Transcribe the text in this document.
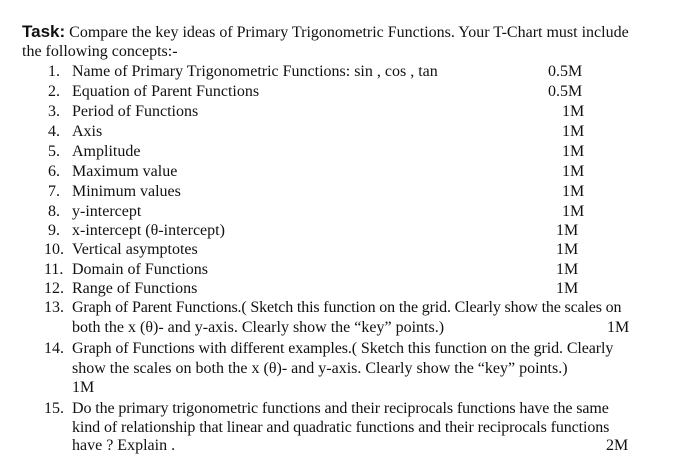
Task: Compare the key ideas of Primary Trigonometric Functions. Your T-Chart must include
the following concepts:-
1. Name of Primary Trigonometric Functions: sin , cos , tan	0.5M
2. Equation of Parent Functions	0.5M
3. Period of Functions	1M
4. Axis	1M
5. Amplitude	1M
6. Maximum value	1M
7. Minimum values	1M
8. y-intercept	1M
9. x-intercept (θ-intercept)	1M
10. Vertical asymptotes	1M
11. Domain of Functions	1M
12. Range of Functions	1M
13. Graph of Parent Functions.( Sketch this function on the grid. Clearly show the scales on
both the x (θ)- and y-axis. Clearly show the “key” points.)	1M
14. Graph of Functions with different examples.( Sketch this function on the grid. Clearly
show the scales on both the x (θ)- and y-axis. Clearly show the “key” points.)
1M
15. Do the primary trigonometric functions and their reciprocals functions have the same
kind of relationship that linear and quadratic functions and their reciprocals functions
have ? Explain .	2M
